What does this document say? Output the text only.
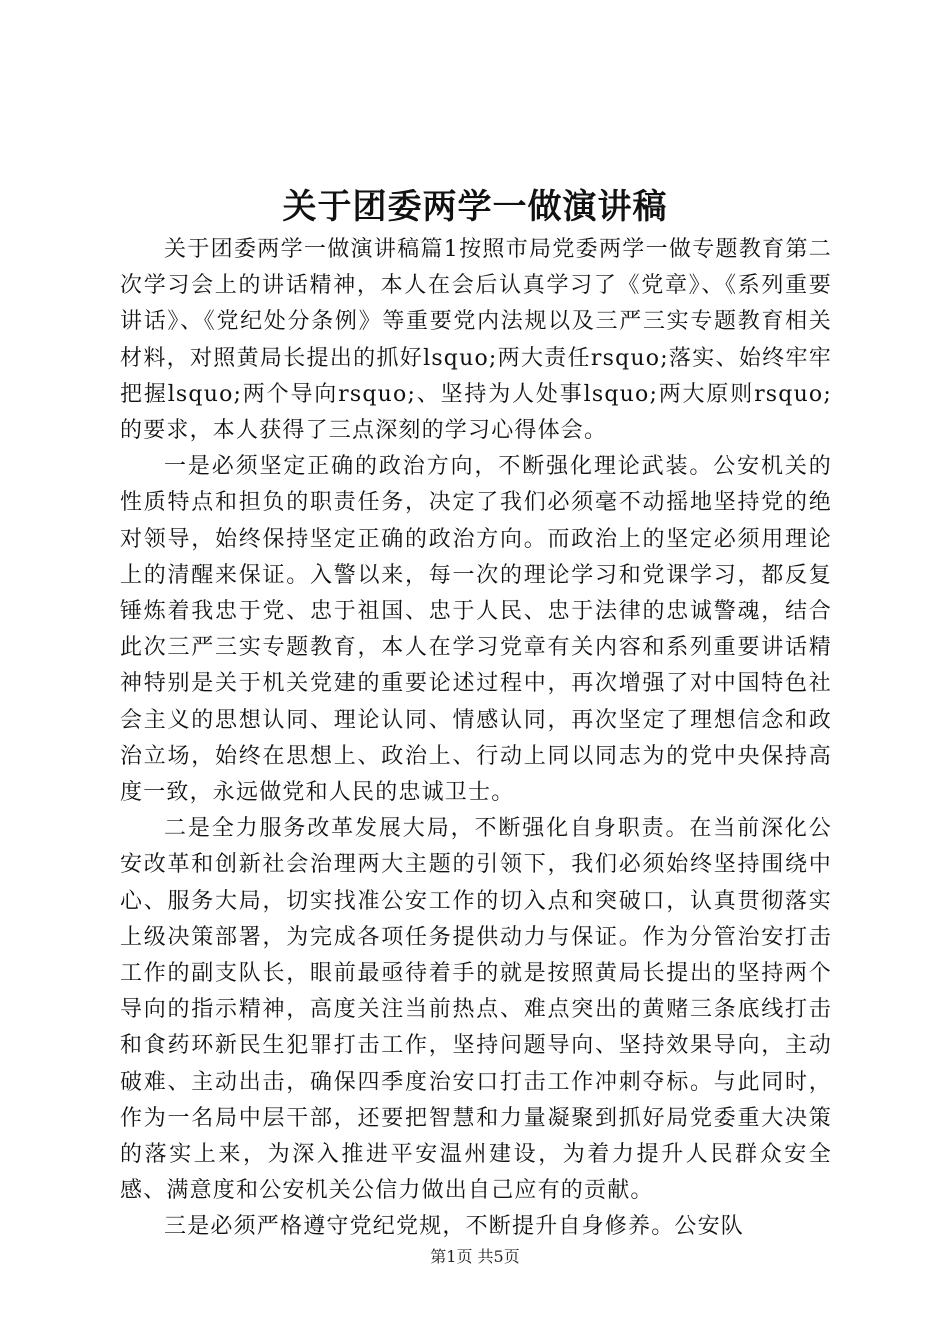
关于团委两学一做演讲稿

关于团委两学一做演讲稿篇1按照市局党委两学一做专题教育第二次学习会上的讲话精神，本人在会后认真学习了《党章》、《系列重要讲话》、《党纪处分条例》等重要党内法规以及三严三实专题教育相关材料，对照黄局长提出的抓好lsquo;两大责任rsquo;落实、始终牢牢把握lsquo;两个导向rsquo;、坚持为人处事lsquo;两大原则rsquo;的要求，本人获得了三点深刻的学习心得体会。

一是必须坚定正确的政治方向，不断强化理论武装。公安机关的性质特点和担负的职责任务，决定了我们必须毫不动摇地坚持党的绝对领导，始终保持坚定正确的政治方向。而政治上的坚定必须用理论上的清醒来保证。入警以来，每一次的理论学习和党课学习，都反复锤炼着我忠于党、忠于祖国、忠于人民、忠于法律的忠诚警魂，结合此次三严三实专题教育，本人在学习党章有关内容和系列重要讲话精神特别是关于机关党建的重要论述过程中，再次增强了对中国特色社会主义的思想认同、理论认同、情感认同，再次坚定了理想信念和政治立场，始终在思想上、政治上、行动上同以同志为的党中央保持高度一致，永远做党和人民的忠诚卫士。

二是全力服务改革发展大局，不断强化自身职责。在当前深化公安改革和创新社会治理两大主题的引领下，我们必须始终坚持围绕中心、服务大局，切实找准公安工作的切入点和突破口，认真贯彻落实上级决策部署，为完成各项任务提供动力与保证。作为分管治安打击工作的副支队长，眼前最亟待着手的就是按照黄局长提出的坚持两个导向的指示精神，高度关注当前热点、难点突出的黄赌三条底线打击和食药环新民生犯罪打击工作，坚持问题导向、坚持效果导向，主动破难、主动出击，确保四季度治安口打击工作冲刺夺标。与此同时，作为一名局中层干部，还要把智慧和力量凝聚到抓好局党委重大决策的落实上来，为深入推进平安温州建设，为着力提升人民群众安全感、满意度和公安机关公信力做出自己应有的贡献。

三是必须严格遵守党纪党规，不断提升自身修养。公安队

第1页 共5页
